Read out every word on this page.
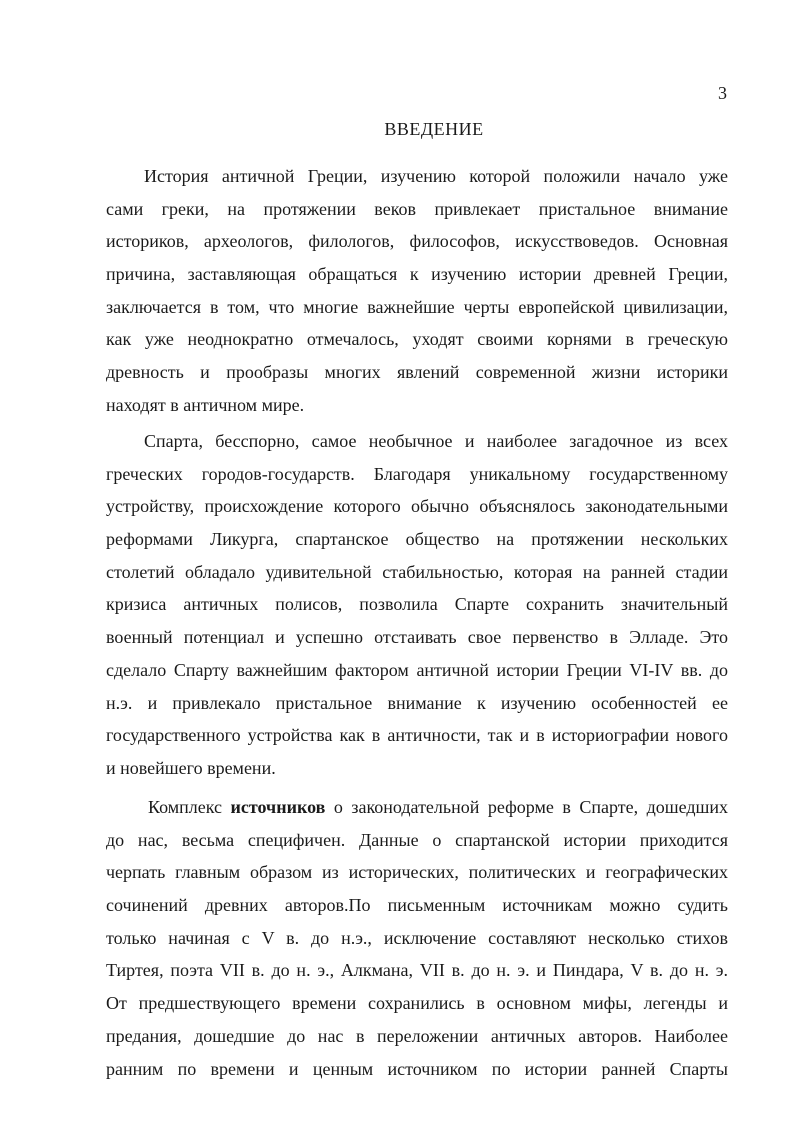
3
ВВЕДЕНИЕ
История античной Греции, изучению которой положили начало уже
сами греки, на протяжении веков привлекает пристальное внимание
историков, археологов, филологов, философов, искусствоведов. Основная
причина, заставляющая обращаться к изучению истории древней Греции,
заключается в том, что многие важнейшие черты европейской цивилизации,
как уже неоднократно отмечалось, уходят своими корнями в греческую
древность и прообразы многих явлений современной жизни историки
находят в античном мире.
Спарта, бесспорно, самое необычное и наиболее загадочное из всех
греческих городов-государств. Благодаря уникальному государственному
устройству, происхождение которого обычно объяснялось законодательными
реформами Ликурга, спартанское общество на протяжении нескольких
столетий обладало удивительной стабильностью, которая на ранней стадии
кризиса античных полисов, позволила Спарте сохранить значительный
военный потенциал и успешно отстаивать свое первенство в Элладе. Это
сделало Спарту важнейшим фактором античной истории Греции VI-IV вв. до
н.э. и привлекало пристальное внимание к изучению особенностей ее
государственного устройства как в античности, так и в историографии нового
и новейшего времени.
Комплекс источников о законодательной реформе в Спарте, дошедших
до нас, весьма специфичен. Данные о спартанской истории приходится
черпать главным образом из исторических, политических и географических
сочинений древних авторов.По письменным источникам можно судить
только начиная с V в. до н.э., исключение составляют несколько стихов
Тиртея, поэта VII в. до н. э., Алкмана, VII в. до н. э. и Пиндара, V в. до н. э.
От предшествующего времени сохранились в основном мифы, легенды и
предания, дошедшие до нас в переложении античных авторов. Наиболее
ранним по времени и ценным источником по истории ранней Спарты
